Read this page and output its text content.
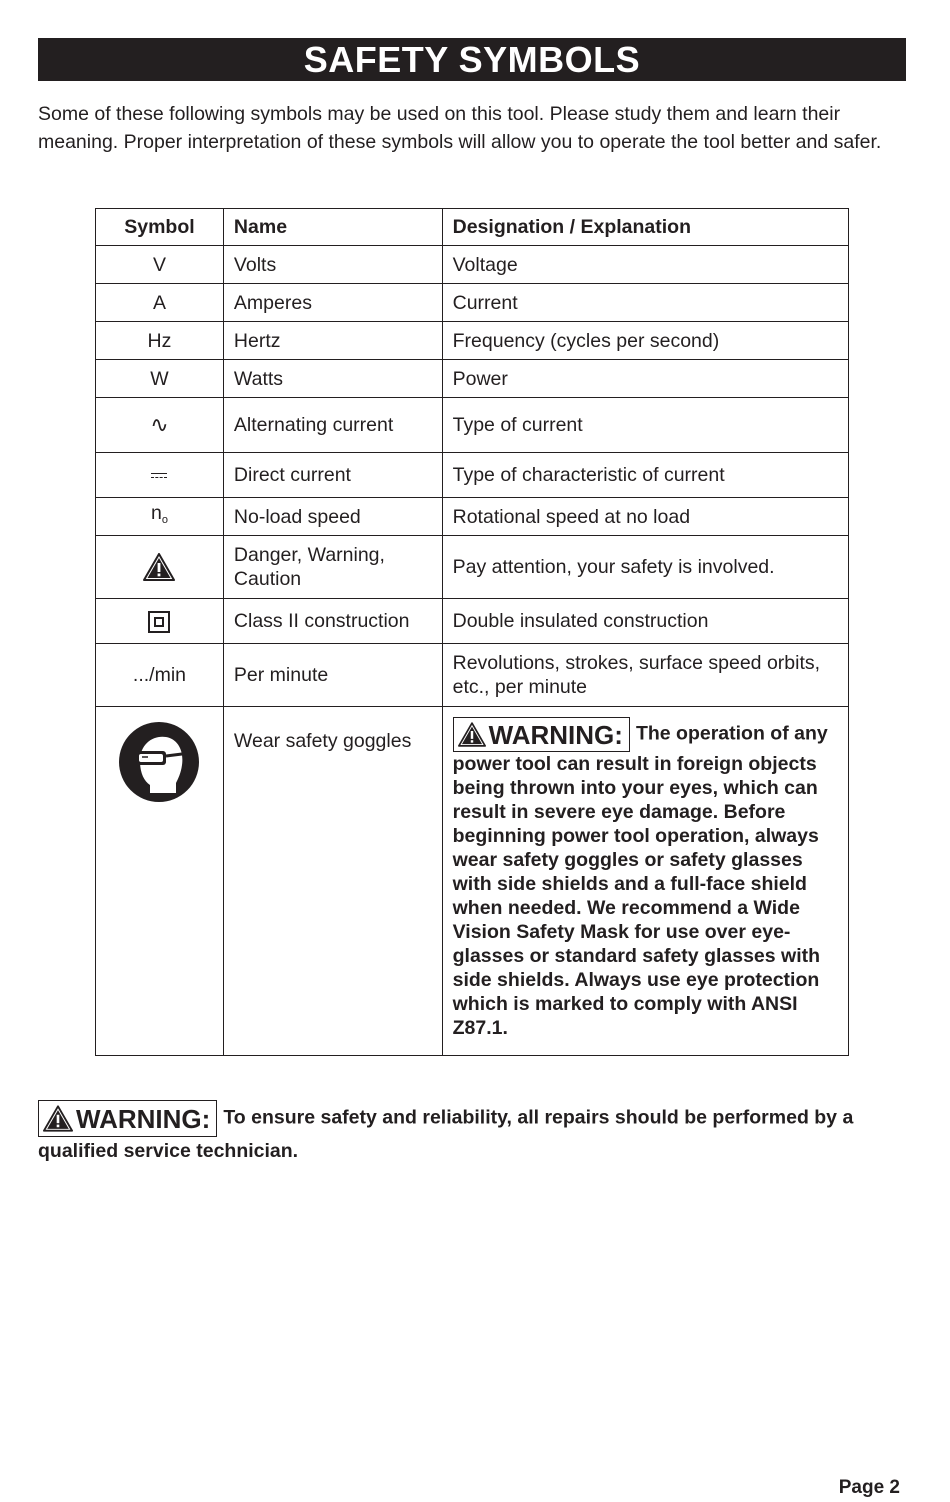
SAFETY SYMBOLS

Some of these following symbols may be used on this tool. Please study them and learn their meaning. Proper interpretation of these symbols will allow you to operate the tool better and safer.

Symbol	Name	Designation / Explanation
V	Volts	Voltage
A	Amperes	Current
Hz	Hertz	Frequency (cycles per second)
W	Watts	Power
∿	Alternating current	Type of current
	Direct current	Type of characteristic of current
$n_o$	No-load speed	Rotational speed at no load
	Danger, Warning, Caution	Pay attention, your safety is involved.

	Class II construction	Double insulated construction
.../min	Per minute	Revolutions, strokes, surface speed orbits, etc., per minute
	Wear safety goggles	WARNING: The operation of any power tool can result in foreign objects being thrown into your eyes, which can result in severe eye damage. Before beginning power tool operation, always wear safety goggles or safety glasses with side shields and a full-face shield when needed. We recommend a Wide Vision Safety Mask for use over eye-glasses or standard safety glasses with side shields. Always use eye protection which is marked to comply with ANSI Z87.1.
WARNING: To ensure safety and reliability, all repairs should be performed by a qualified service technician.
Page 2
